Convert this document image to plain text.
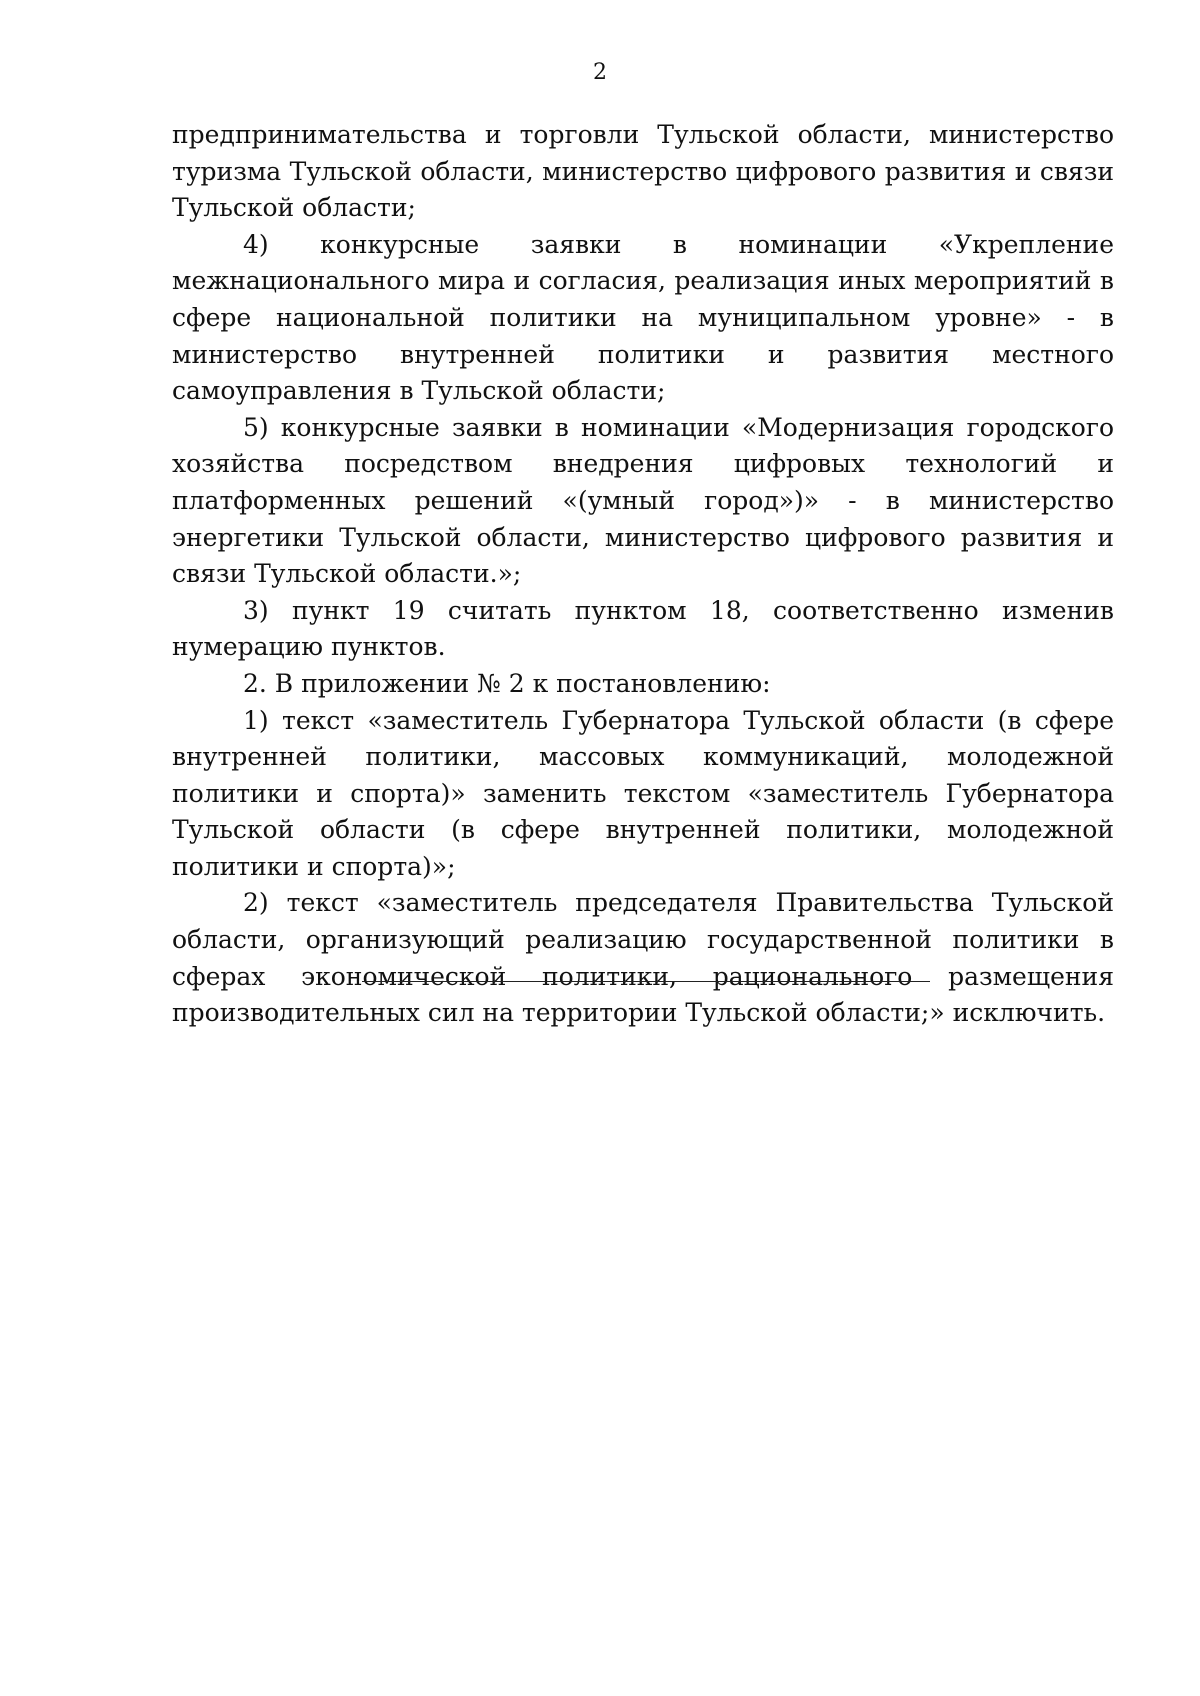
2

предпринимательства и торговли Тульской области, министерство туризма Тульской области, министерство цифрового развития и связи Тульской области;

4) конкурсные заявки в номинации «Укрепление межнационального мира и согласия, реализация иных мероприятий в сфере национальной политики на муниципальном уровне» - в министерство внутренней политики и развития местного самоуправления в Тульской области;

5) конкурсные заявки в номинации «Модернизация городского хозяйства посредством внедрения цифровых технологий и платформенных решений «(умный город»)» - в министерство энергетики Тульской области, министерство цифрового развития и связи Тульской области.»;

3) пункт 19 считать пунктом 18, соответственно изменив нумерацию пунктов.

2. В приложении № 2 к постановлению:

1) текст «заместитель Губернатора Тульской области (в сфере внутренней политики, массовых коммуникаций, молодежной политики и спорта)» заменить текстом «заместитель Губернатора Тульской области (в сфере внутренней политики, молодежной политики и спорта)»;

2) текст «заместитель председателя Правительства Тульской области, организующий реализацию государственной политики в сферах экономической политики, рационального размещения производительных сил на территории Тульской области;» исключить.
